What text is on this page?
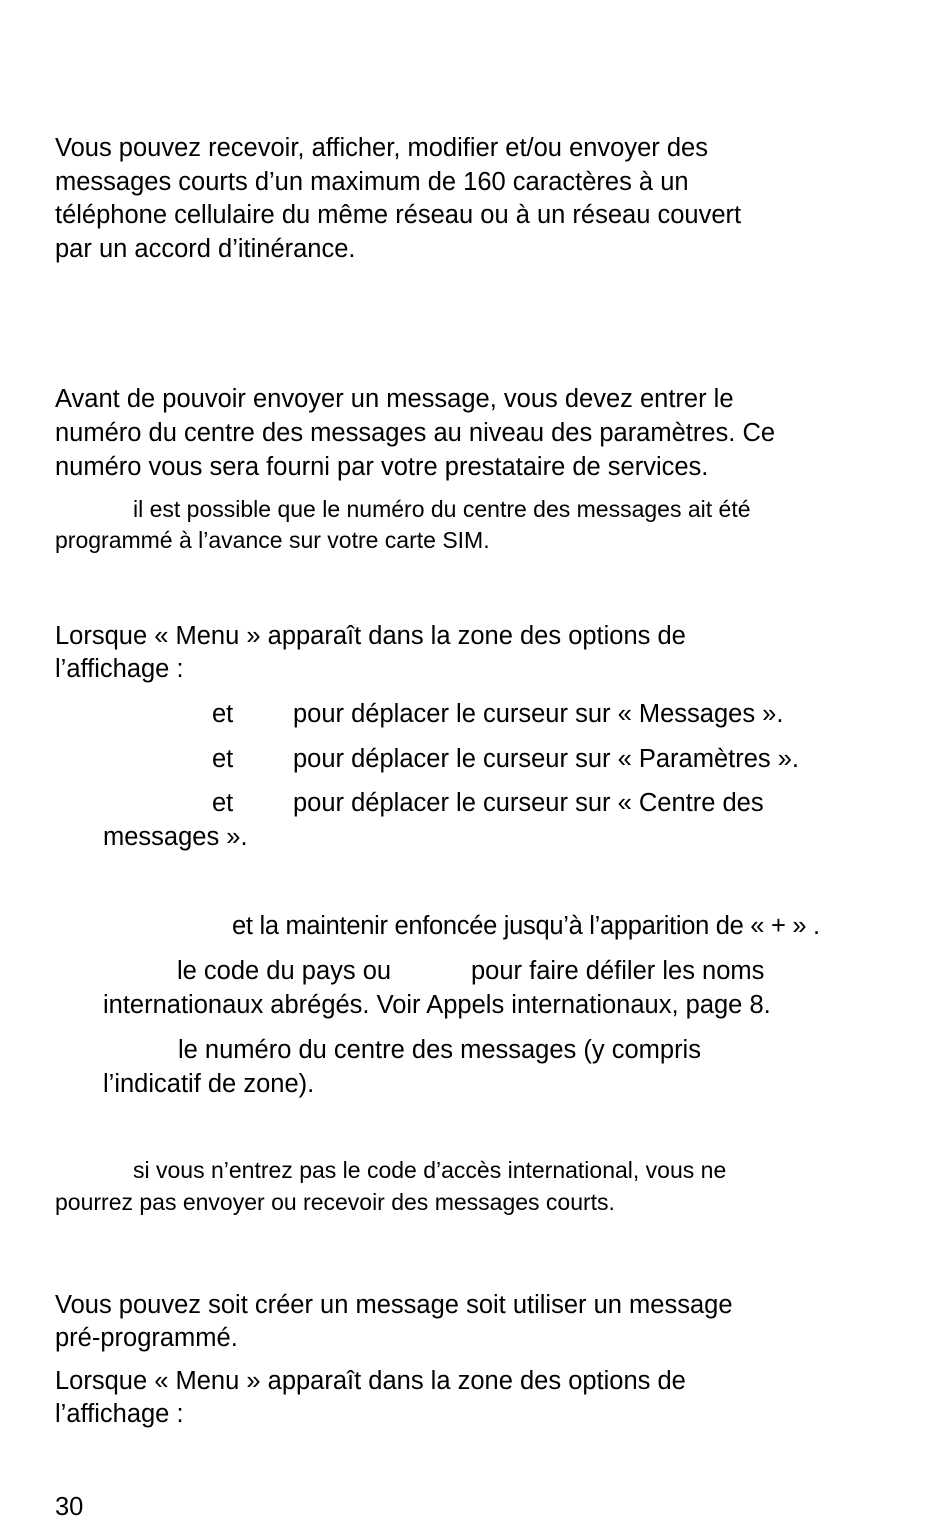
Vous pouvez recevoir, afficher, modifier et/ou envoyer des

messages courts d’un maximum de 160 caractères à un

téléphone cellulaire du même réseau ou à un réseau couvert

par un accord d’itinérance.

Avant de pouvoir envoyer un message, vous devez entrer le

numéro du centre des messages au niveau des paramètres. Ce

numéro vous sera fourni par votre prestataire de services.

il est possible que le numéro du centre des messages ait été

programmé à l’avance sur votre carte SIM.

Lorsque « Menu » apparaît dans la zone des options de

l’affichage :

et pour déplacer le curseur sur « Messages ».
et pour déplacer le curseur sur « Paramètres ».
et pour déplacer le curseur sur « Centre des

messages ».

et la maintenir enfoncée jusqu’à l’apparition de « + » .

le code du pays ou	pour faire défiler les noms

internationaux abrégés. Voir Appels internationaux, page 8.

le numéro du centre des messages (y compris

l’indicatif de zone).

si vous n’entrez pas le code d’accès international, vous ne

pourrez pas envoyer ou recevoir des messages courts.

Vous pouvez soit créer un message soit utiliser un message

pré-programmé.

Lorsque « Menu » apparaît dans la zone des options de

l’affichage :

30
